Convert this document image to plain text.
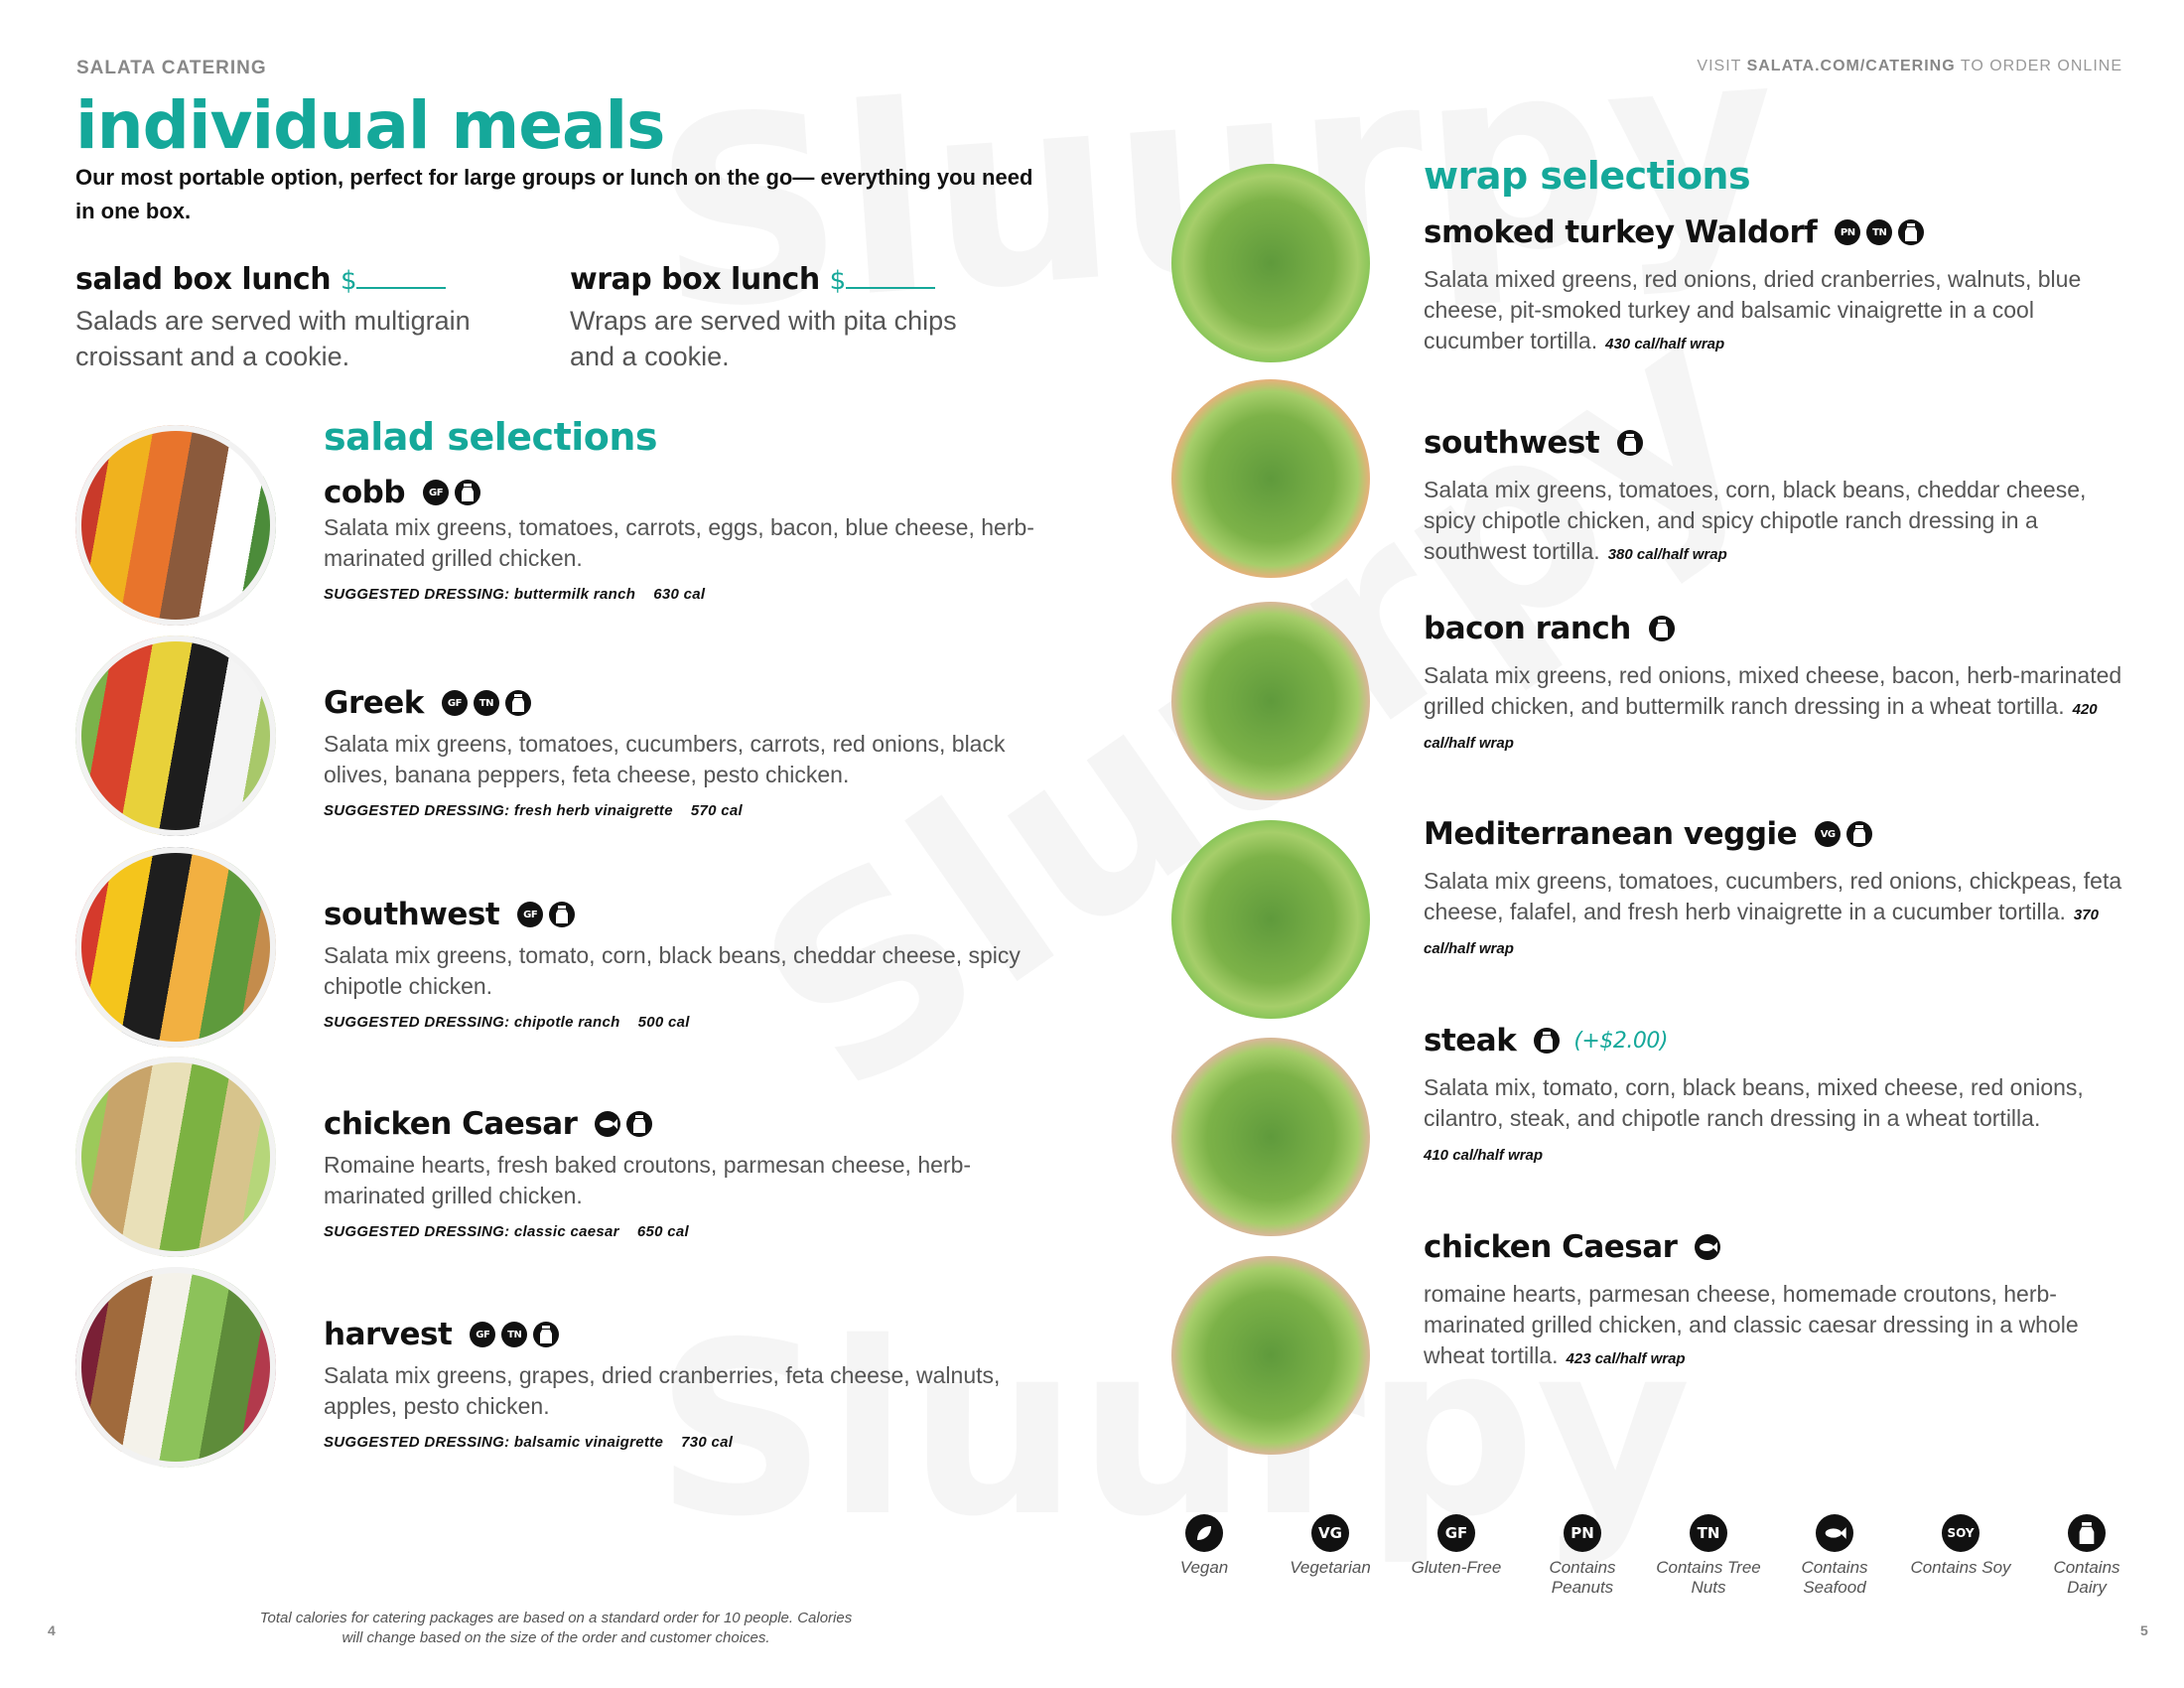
SALATA CATERING	VISIT SALATA.COM/CATERING TO ORDER ONLINE
individual meals
Our most portable option, perfect for large groups or lunch on the go— everything you need in one box.
salad box lunch $
Salads are served with multigrain croissant and a cookie.
wrap box lunch $
Wraps are served with pita chips and a cookie.
salad selections
wrap selections
Total calories for catering packages are based on a standard order for 10 people. Calories will change based on the size of the order and customer choices.
4	5
cobb	GF
Salata mix greens, tomatoes, carrots, eggs, bacon, blue cheese, herb-marinated grilled chicken.
SUGGESTED DRESSING: buttermilk ranch 630 cal
Greek	GF	TN
Salata mix greens, tomatoes, cucumbers, carrots, red onions, black olives, banana peppers, feta cheese, pesto chicken.
SUGGESTED DRESSING: fresh herb vinaigrette 570 cal
southwest	GF
Salata mix greens, tomato, corn, black beans, cheddar cheese, spicy chipotle chicken.
SUGGESTED DRESSING: chipotle ranch 500 cal
chicken Caesar
Romaine hearts, fresh baked croutons, parmesan cheese, herb-marinated grilled chicken.
SUGGESTED DRESSING: classic caesar 650 cal
harvest	GF	TN
Salata mix greens, grapes, dried cranberries, feta cheese, walnuts, apples, pesto chicken.
SUGGESTED DRESSING: balsamic vinaigrette 730 cal
smoked turkey Waldorf	PN	TN
Salata mixed greens, red onions, dried cranberries, walnuts, blue cheese, pit-smoked turkey and balsamic vinaigrette in a cool cucumber tortilla. 430 cal/half wrap
southwest
Salata mix greens, tomatoes, corn, black beans, cheddar cheese, spicy chipotle chicken, and spicy chipotle ranch dressing in a southwest tortilla. 380 cal/half wrap
bacon ranch
Salata mix greens, red onions, mixed cheese, bacon, herb-marinated grilled chicken, and buttermilk ranch dressing in a wheat tortilla. 420 cal/half wrap
Mediterranean veggie	VG
Salata mix greens, tomatoes, cucumbers, red onions, chickpeas, feta cheese, falafel, and fresh herb vinaigrette in a cucumber tortilla. 370 cal/half wrap
steak	(+$2.00)
Salata mix, tomato, corn, black beans, mixed cheese, red onions, cilantro, steak, and chipotle ranch dressing in a wheat tortilla.
410 cal/half wrap
chicken Caesar
romaine hearts, parmesan cheese, homemade croutons, herb-marinated grilled chicken, and classic caesar dressing in a whole wheat tortilla. 423 cal/half wrap
Vegan
VG
Vegetarian
GF
Gluten-Free
PN
Contains Peanuts
TN
Contains Tree Nuts
Contains Seafood
SOY
Contains Soy	Contains Dairy
